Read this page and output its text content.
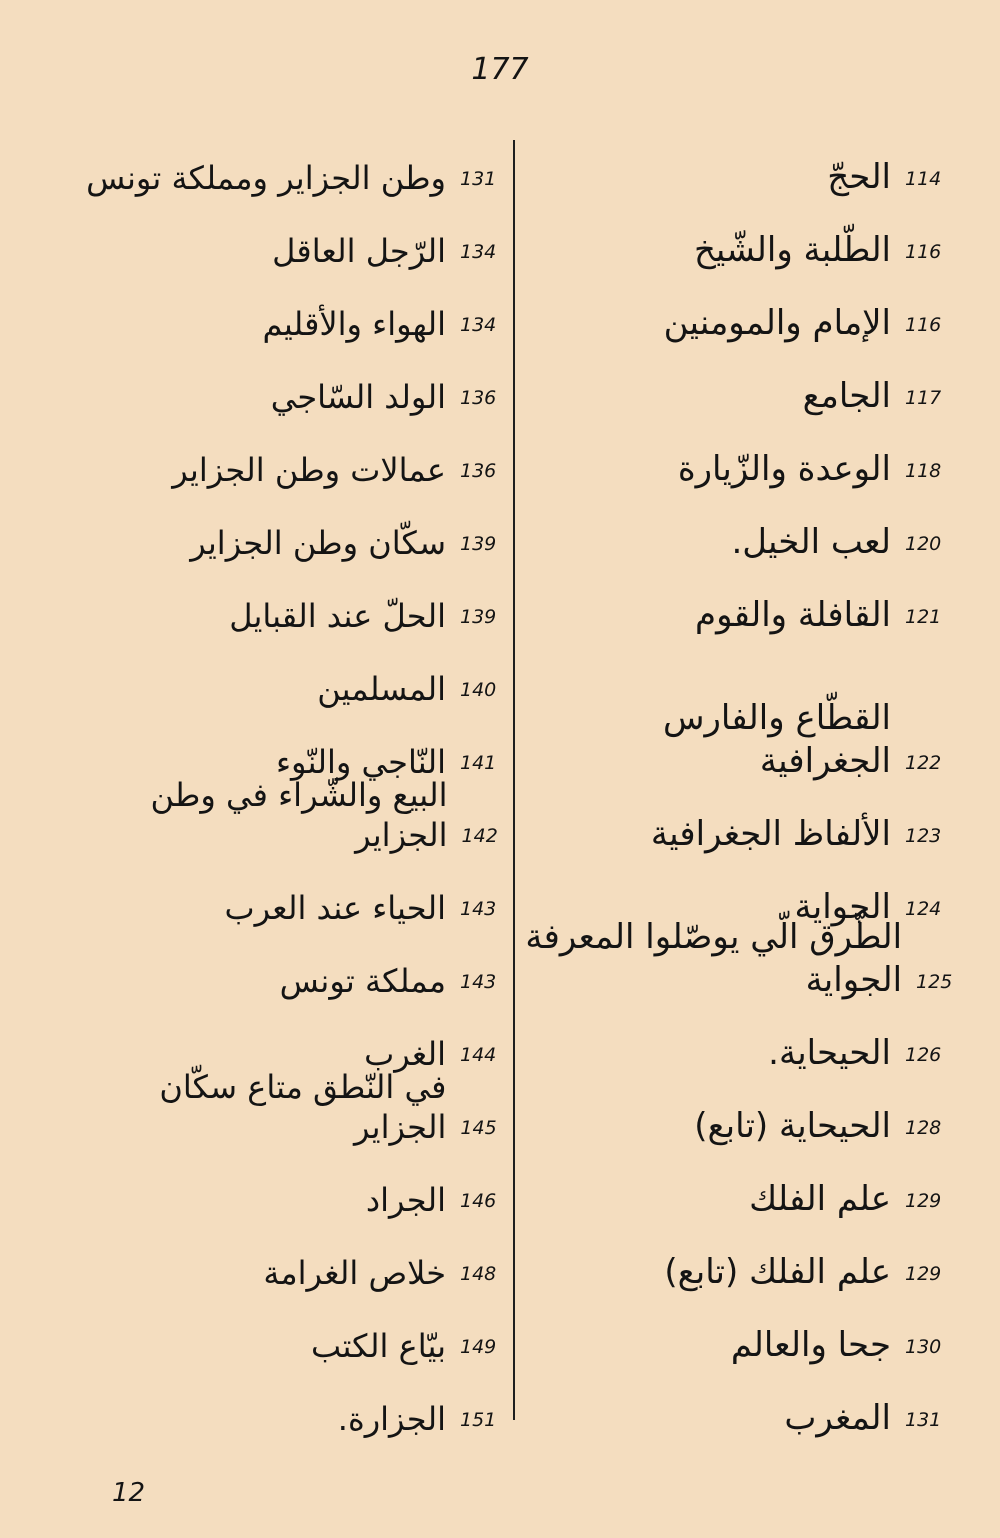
177
الحجّ 114
الطّلبة والشّيخ 116
الإمام والمومنين 116
الجامع 117
الوعدة والزّيارة 118
لعب الخيل. 120
القافلة والقوم 121
القطّاع والفارس
الجغرافية 122
الألفاظ الجغرافية 123
الجواية 124
الطّرق الّي يوصّلوا المعرفة الجواية 125
الحيحاية. 126
الحيحاية (تابع) 128
علم الفلك 129
علم الفلك (تابع) 129
جحا والعالم 130
المغرب 131
وطن الجزاير ومملكة تونس 131
الرّجل العاقل 134
الهواء والأقليم 134
الولد السّاجي 136
عمالات وطن الجزاير 136
سكّان وطن الجزاير 139
الحلّ عند القبايل 139
المسلمين 140
النّاجي والنّوء 141
البيع والشّراء في وطن الجزاير 142
الحياء عند العرب 143
مملكة تونس 143
الغرب 144
في النّطق متاع سكّان الجزاير 145
الجراد 146
خلاص الغرامة 148
بيّاع الكتب 149
الجزارة. 151
12
